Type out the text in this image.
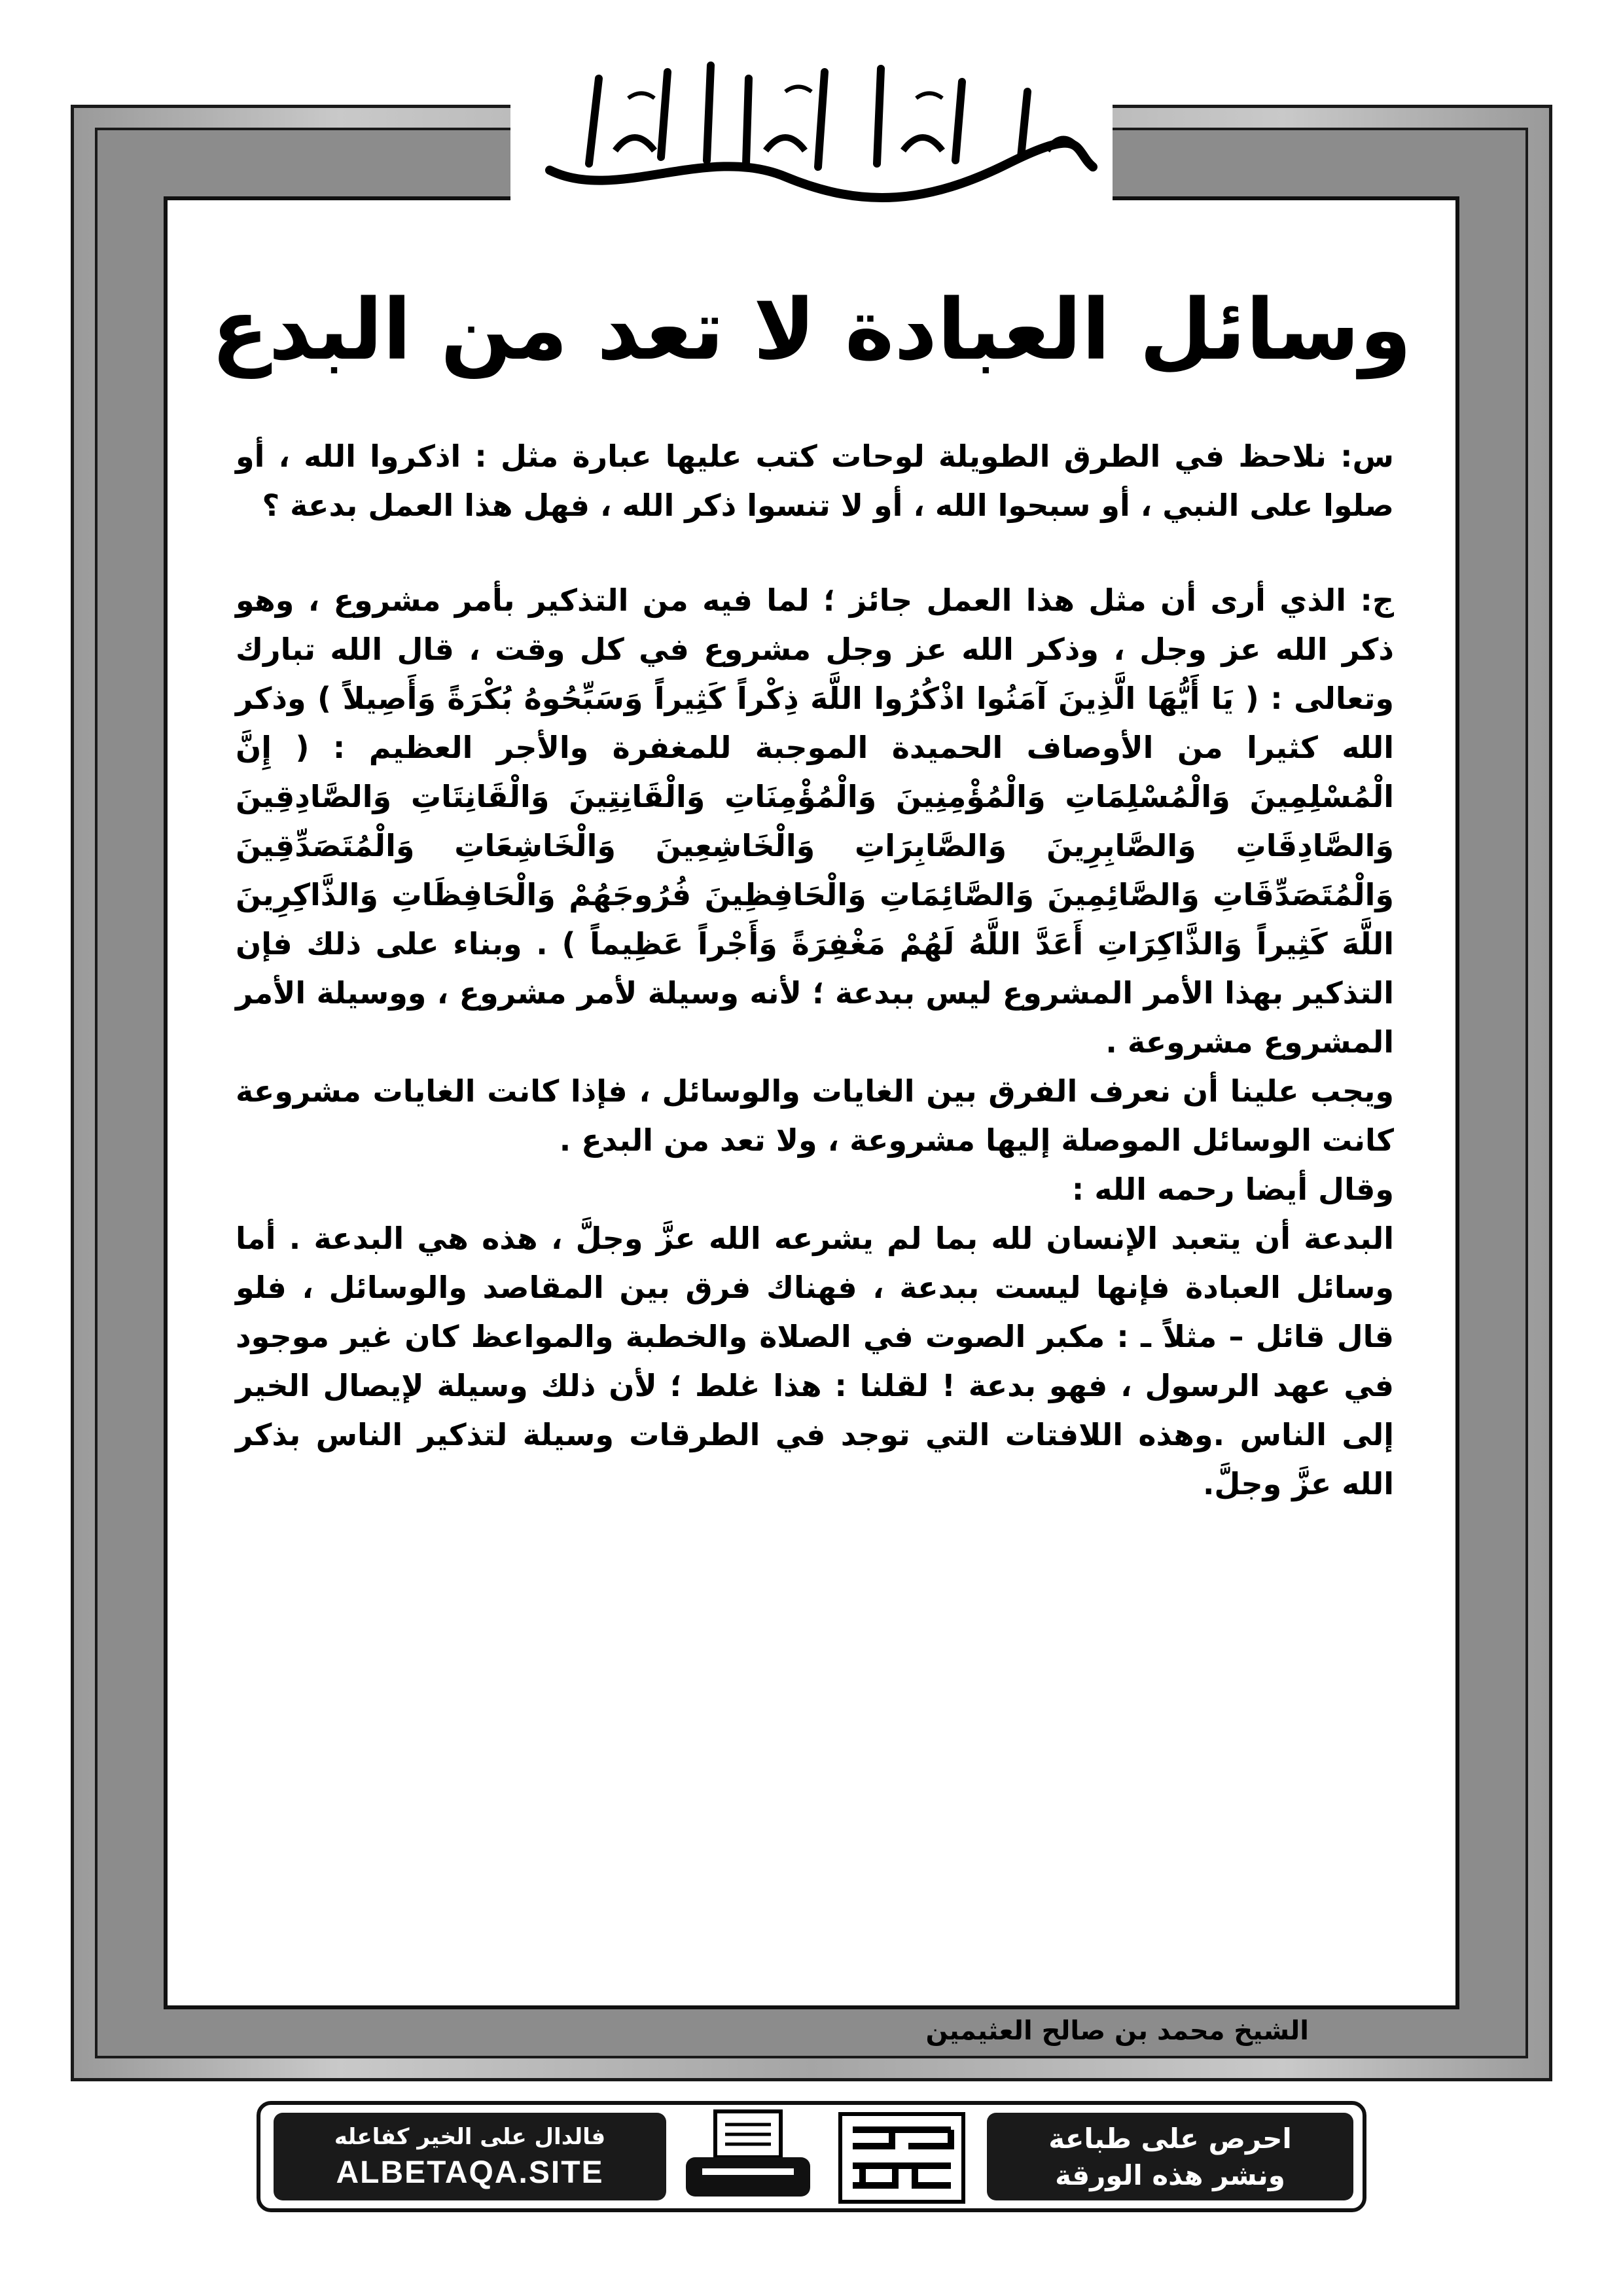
وسائل العبادة لا تعد من البدع

س: نلاحظ في الطرق الطويلة لوحات كتب عليها عبارة مثل : اذكروا الله ، أو صلوا على النبي ، أو سبحوا الله ، أو لا تنسوا ذكر الله ، فهل هذا العمل بدعة ؟

ج: الذي أرى أن مثل هذا العمل جائز ؛ لما فيه من التذكير بأمر مشروع ، وهو ذكر الله عز وجل ، وذكر الله عز وجل مشروع في كل وقت ، قال الله تبارك وتعالى : ( يَا أَيُّهَا الَّذِينَ آمَنُوا اذْكُرُوا اللَّهَ ذِكْراً كَثِيراً وَسَبِّحُوهُ بُكْرَةً وَأَصِيلاً ) وذكر الله كثيرا من الأوصاف الحميدة الموجبة للمغفرة والأجر العظيم : ( إِنَّ الْمُسْلِمِينَ وَالْمُسْلِمَاتِ وَالْمُؤْمِنِينَ وَالْمُؤْمِنَاتِ وَالْقَانِتِينَ وَالْقَانِتَاتِ وَالصَّادِقِينَ وَالصَّادِقَاتِ وَالصَّابِرِينَ وَالصَّابِرَاتِ وَالْخَاشِعِينَ وَالْخَاشِعَاتِ وَالْمُتَصَدِّقِينَ وَالْمُتَصَدِّقَاتِ وَالصَّائِمِينَ وَالصَّائِمَاتِ وَالْحَافِظِينَ فُرُوجَهُمْ وَالْحَافِظَاتِ وَالذَّاكِرِينَ اللَّهَ كَثِيراً وَالذَّاكِرَاتِ أَعَدَّ اللَّهُ لَهُمْ مَغْفِرَةً وَأَجْراً عَظِيماً ) . وبناء على ذلك فإن التذكير بهذا الأمر المشروع ليس ببدعة ؛ لأنه وسيلة لأمر مشروع ، ووسيلة الأمر المشروع مشروعة .

ويجب علينا أن نعرف الفرق بين الغايات والوسائل ، فإذا كانت الغايات مشروعة كانت الوسائل الموصلة إليها مشروعة ، ولا تعد من البدع .

وقال أيضا رحمه الله :

البدعة أن يتعبد الإنسان لله بما لم يشرعه الله عزَّ وجلَّ ، هذه هي البدعة . أما وسائل العبادة فإنها ليست ببدعة ، فهناك فرق بين المقاصد والوسائل ، فلو قال قائل – مثلاً ـ : مكبر الصوت في الصلاة والخطبة والمواعظ كان غير موجود في عهد الرسول ، فهو بدعة ! لقلنا : هذا غلط ؛ لأن ذلك وسيلة لإيصال الخير إلى الناس .وهذه اللافتات التي توجد في الطرقات وسيلة لتذكير الناس بذكر الله عزَّ وجلَّ.

الشيخ محمد بن صالح العثيمين
فالدال على الخير كفاعله
ALBETAQA.SITE
احرص على طباعة
ونشر هذه الورقة
